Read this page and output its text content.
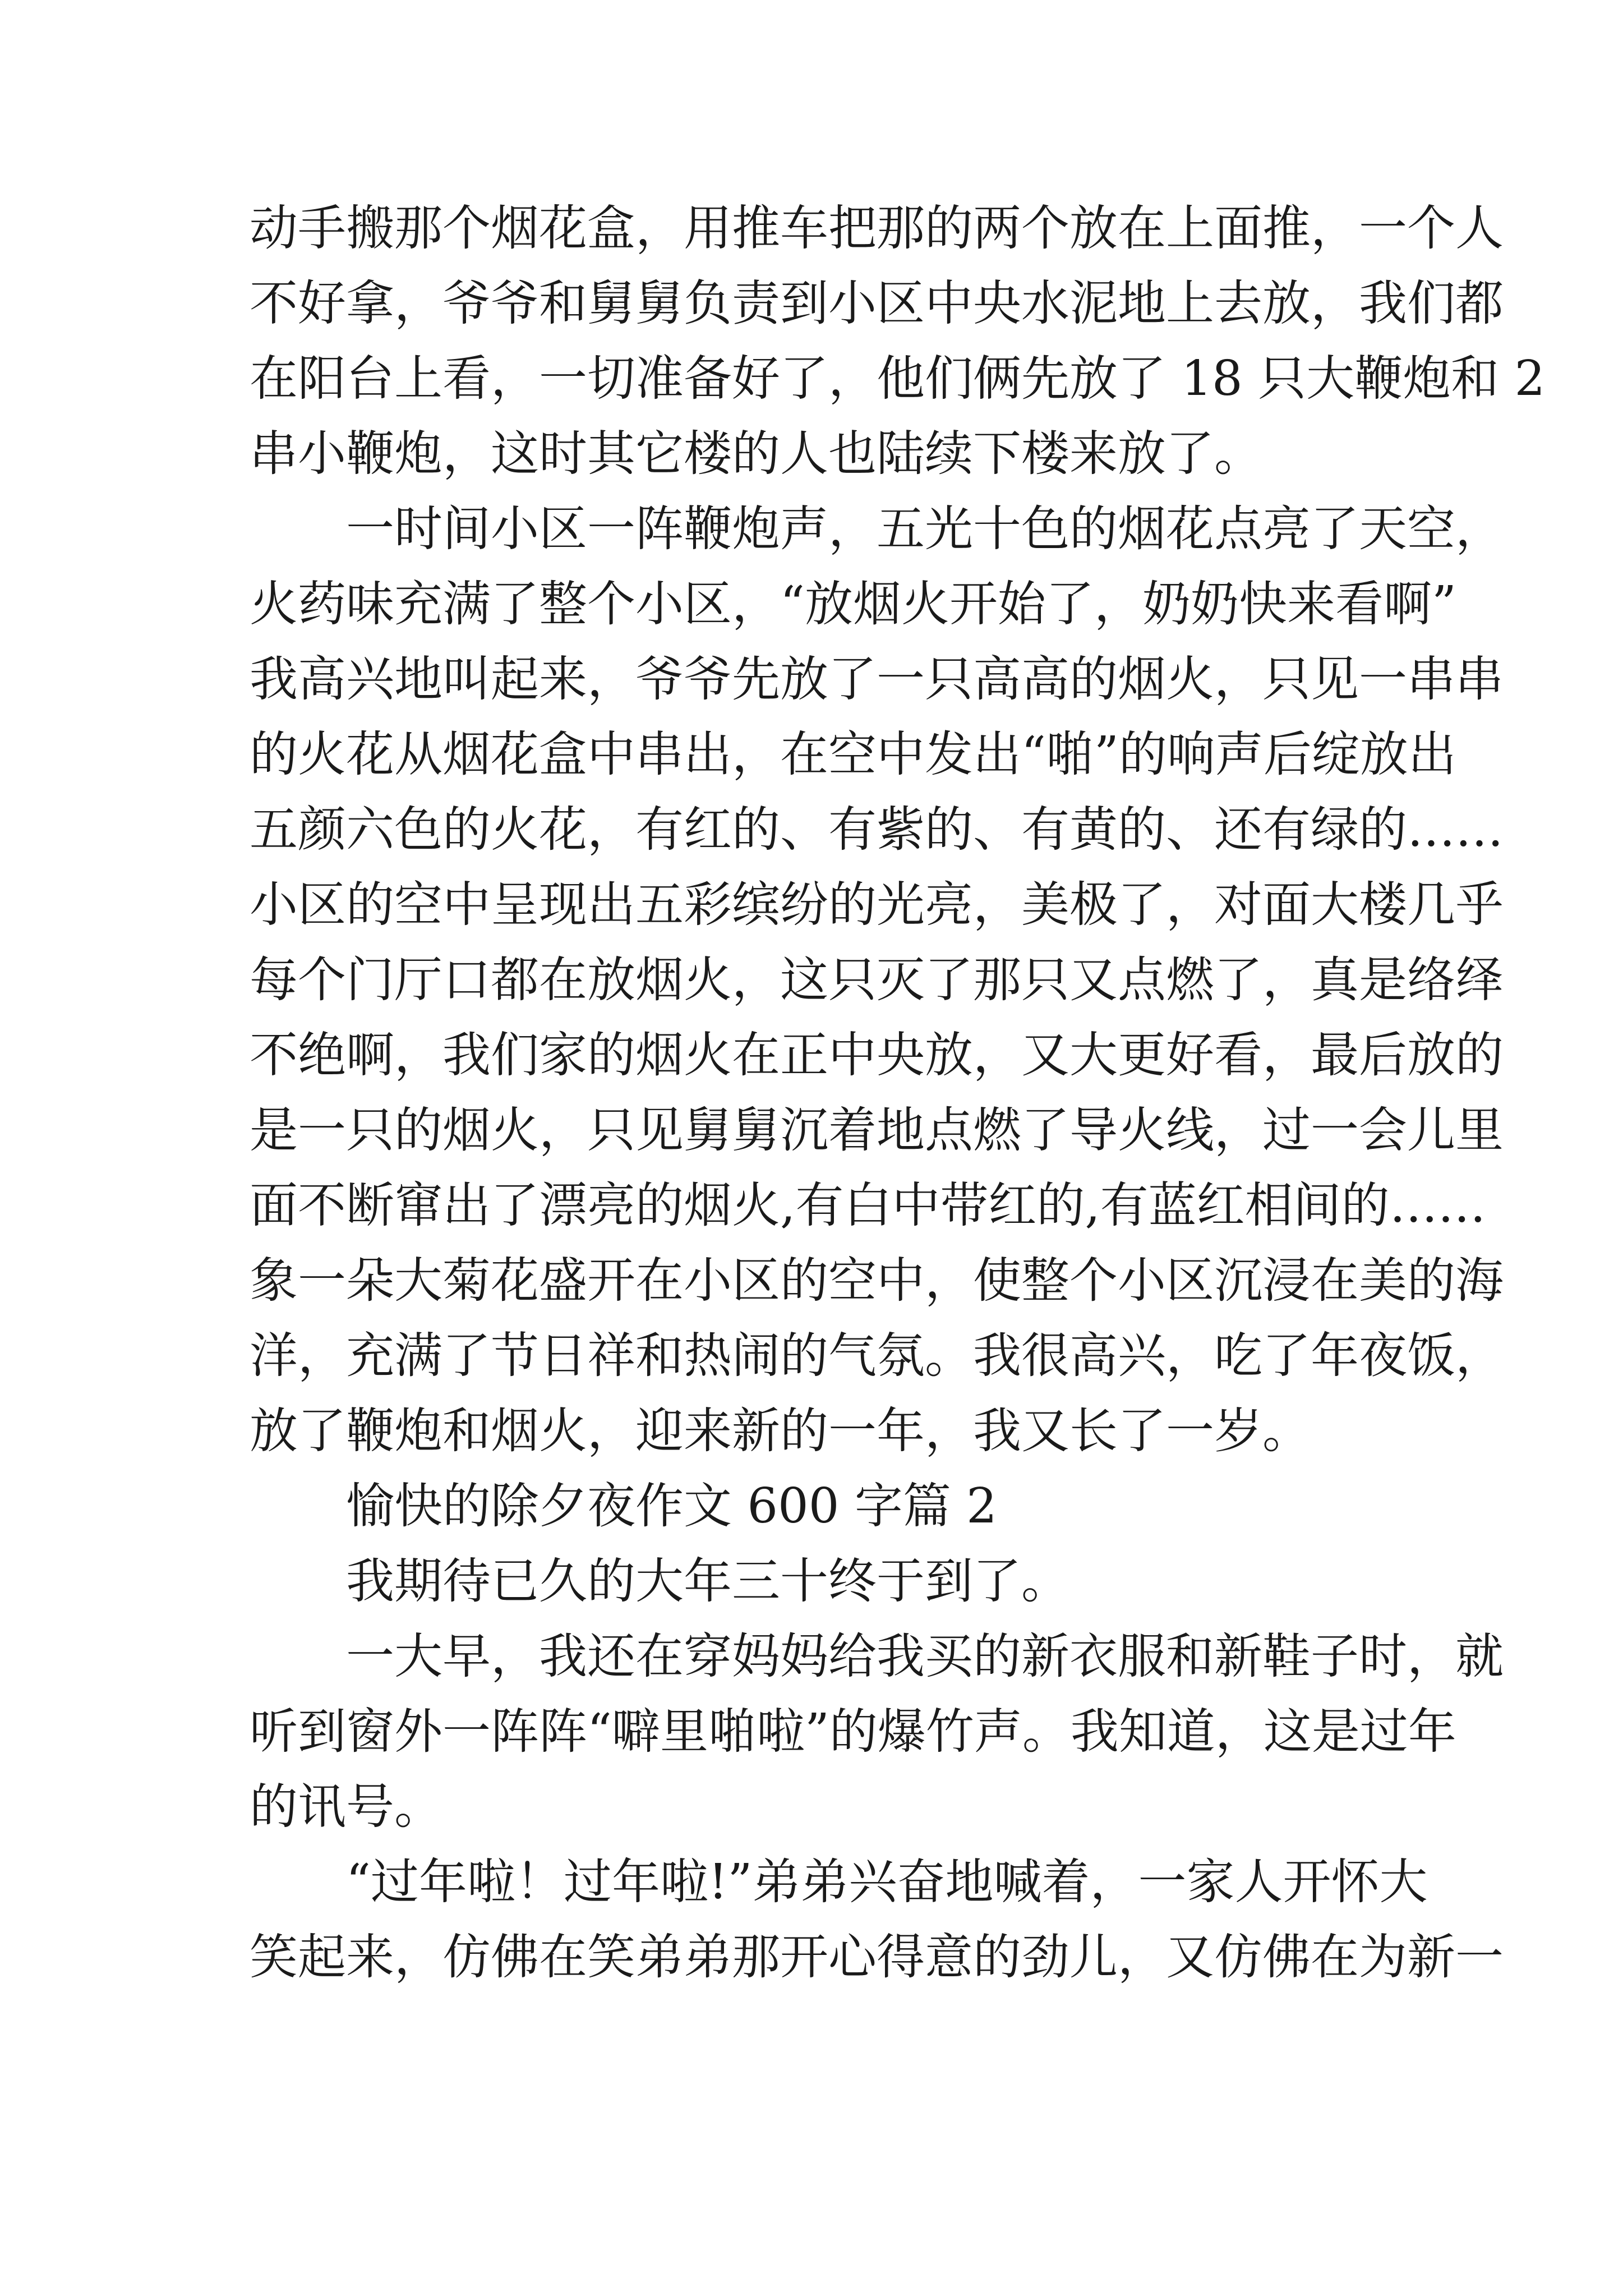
动手搬那个烟花盒，用推车把那的两个放在上面推，一个人
不好拿，爷爷和舅舅负责到小区中央水泥地上去放，我们都
在阳台上看，一切准备好了，他们俩先放了 18 只大鞭炮和 2
串小鞭炮，这时其它楼的人也陆续下楼来放了。
一时间小区一阵鞭炮声，五光十色的烟花点亮了天空，
火药味充满了整个小区，“放烟火开始了，奶奶快来看啊”
我高兴地叫起来，爷爷先放了一只高高的烟火，只见一串串
的火花从烟花盒中串出，在空中发出“啪”的响声后绽放出
五颜六色的火花，有红的、有紫的、有黄的、还有绿的……
小区的空中呈现出五彩缤纷的光亮，美极了，对面大楼几乎
每个门厅口都在放烟火，这只灭了那只又点燃了，真是络绎
不绝啊，我们家的烟火在正中央放，又大更好看，最后放的
是一只的烟火，只见舅舅沉着地点燃了导火线，过一会儿里
面不断窜出了漂亮的烟火,有白中带红的,有蓝红相间的……
象一朵大菊花盛开在小区的空中，使整个小区沉浸在美的海
洋，充满了节日祥和热闹的气氛。我很高兴，吃了年夜饭，
放了鞭炮和烟火，迎来新的一年，我又长了一岁。
愉快的除夕夜作文 600 字篇 2
我期待已久的大年三十终于到了。
一大早，我还在穿妈妈给我买的新衣服和新鞋子时，就
听到窗外一阵阵“噼里啪啦”的爆竹声。我知道，这是过年
的讯号。
“过年啦！过年啦!”弟弟兴奋地喊着，一家人开怀大
笑起来，仿佛在笑弟弟那开心得意的劲儿，又仿佛在为新一
